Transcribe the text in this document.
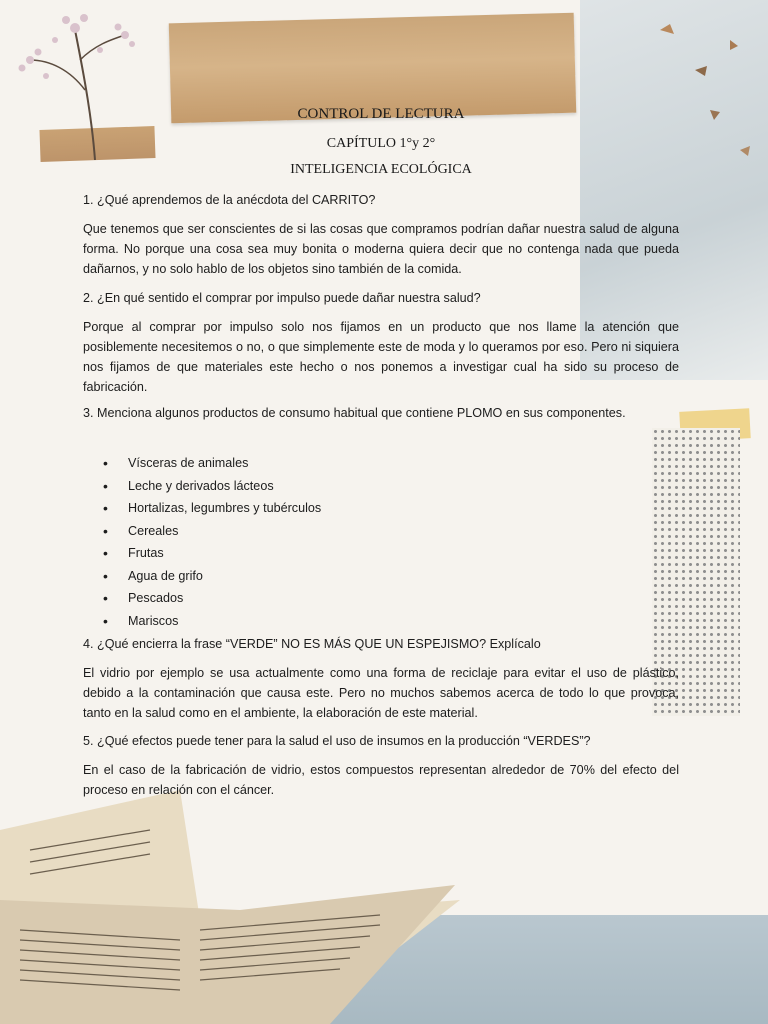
CONTROL DE LECTURA
CAPÍTULO 1°y 2°
INTELIGENCIA ECOLÓGICA
1. ¿Qué aprendemos de la anécdota del CARRITO?
Que tenemos que ser conscientes de si las cosas que compramos podrían dañar nuestra salud de alguna forma. No porque una cosa sea muy bonita o moderna quiera decir que no contenga nada que pueda dañarnos, y no solo hablo de los objetos sino también de la comida.
2. ¿En qué sentido el comprar por impulso puede dañar nuestra salud?
Porque al comprar por impulso solo nos fijamos en un producto que nos llame la atención que posiblemente necesitemos o no, o que simplemente este de moda y lo queramos por eso. Pero ni siquiera nos fijamos de que materiales este hecho o nos ponemos a investigar cual ha sido su proceso de fabricación.
3. Menciona algunos productos de consumo habitual que contiene PLOMO en sus componentes.
• Vísceras de animales
• Leche y derivados lácteos
• Hortalizas, legumbres y tubérculos
• Cereales
• Frutas
• Agua de grifo
• Pescados
• Mariscos
4. ¿Qué encierra la frase “VERDE” NO ES MÁS QUE UN ESPEJISMO? Explícalo
El vidrio por ejemplo se usa actualmente como una forma de reciclaje para evitar el uso de plástico, debido a la contaminación que causa este. Pero no muchos sabemos acerca de todo lo que provoca, tanto en la salud como en el ambiente, la elaboración de este material.
5. ¿Qué efectos puede tener para la salud el uso de insumos en la producción “VERDES”?
En el caso de la fabricación de vidrio, estos compuestos representan alrededor de 70% del efecto del proceso en relación con el cáncer.
